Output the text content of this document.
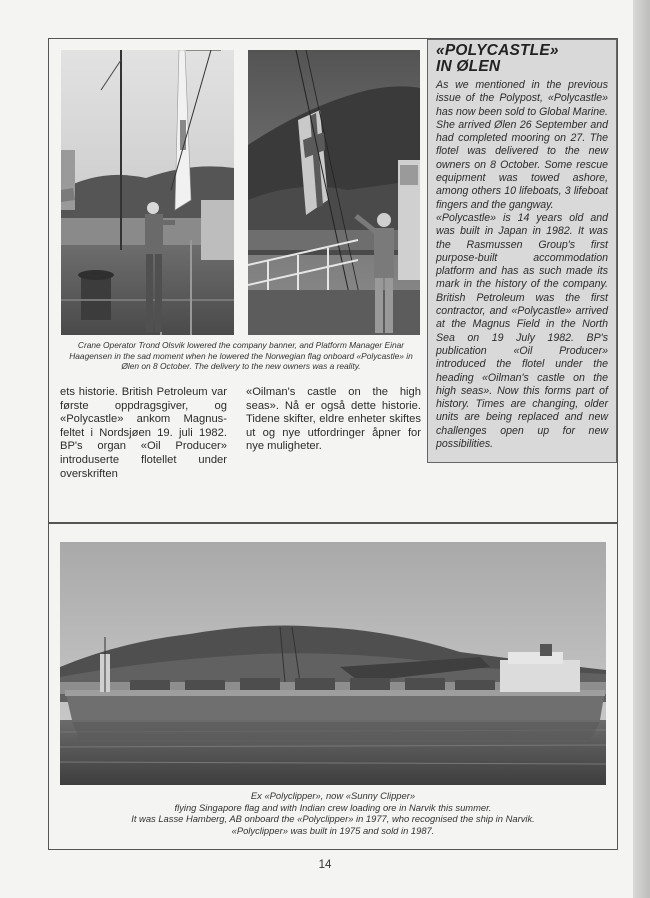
Crane Operator Trond Olsvik lowered the company banner, and Platform Manager Einar Haagensen in the sad moment when he lowered the Norwegian flag onboard «Polycastle» in Ølen on 8 October. The delivery to the new owners was a reality.
ets historie. British Petroleum var første oppdragsgiver, og «Polycastle» ankom Magnus-feltet i Nordsjøen 19. juli 1982. BP's organ «Oil Producer» introduserte flotellet under overskriften
«Oilman's castle on the high seas». Nå er også dette historie. Tidene skifter, eldre enheter skiftes ut og nye utfordringer åpner for nye muligheter.
«POLYCASTLE»
IN ØLEN

As we mentioned in the previous issue of the Polypost, «Polycastle» has now been sold to Global Marine. She arrived Ølen 26 September and had completed mooring on 27. The flotel was delivered to the new owners on 8 October. Some rescue equipment was towed ashore, among others 10 lifeboats, 3 lifeboat fingers and the gangway.

«Polycastle» is 14 years old and was built in Japan in 1982. It was the Rasmussen Group's first purpose-built accommodation platform and has as such made its mark in the history of the company. British Petroleum was the first contractor, and «Polycastle» arrived at the Magnus Field in the North Sea on 19 July 1982. BP's publication «Oil Producer» introduced the flotel under the heading «Oilman's castle on the high seas». Now this forms part of history. Times are changing, older units are being replaced and new challenges open up for new possibilities.

Ex «Polyclipper», now «Sunny Clipper»
flying Singapore flag and with Indian crew loading ore in Narvik this summer.
It was Lasse Hamberg, AB onboard the «Polyclipper» in 1977, who recognised the ship in Narvik.
«Polyclipper» was built in 1975 and sold in 1987.
14
